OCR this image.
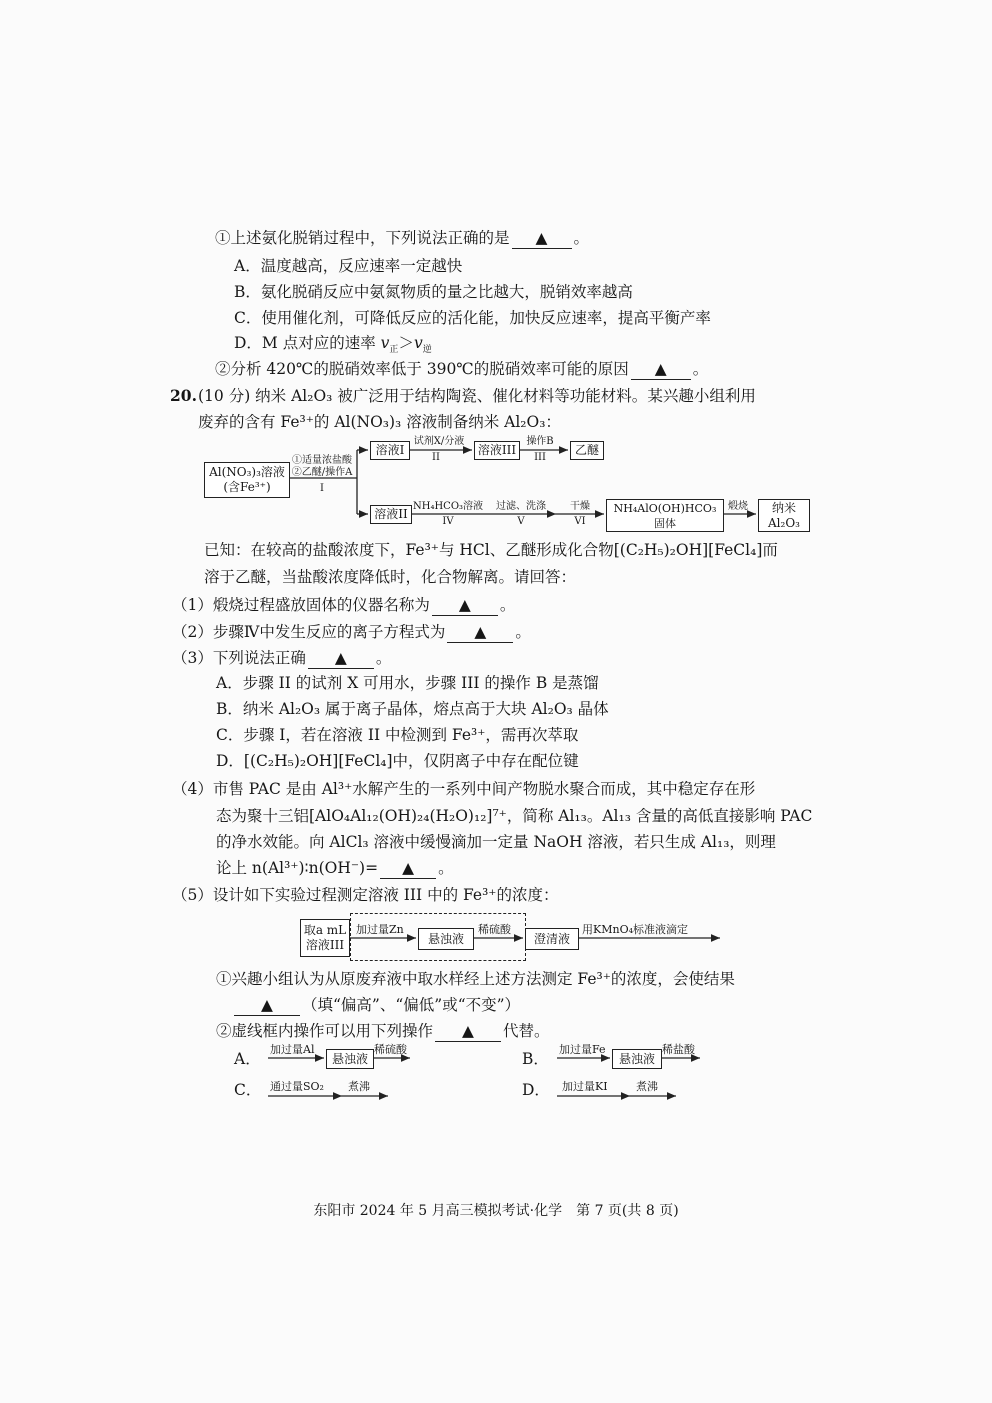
①上述氨化脱销过程中，下列说法正确的是 ▲ 。
A．温度越高，反应速率一定越快
B．氨化脱硝反应中氨氮物质的量之比越大，脱销效率越高
C．使用催化剂，可降低反应的活化能，加快反应速率，提高平衡产率
D．M 点对应的速率 $v_正>v_逆$
②分析 420℃的脱硝效率低于 390℃的脱硝效率可能的原因 ▲ 。
20. (10 分) 纳米 Al₂O₃ 被广泛用于结构陶瓷、催化材料等功能材料。某兴趣小组利用
废弃的含有 Fe³⁺的 Al(NO₃)₃ 溶液制备纳米 Al₂O₃：
Al(NO₃)₃溶液
(含Fe³⁺)
①适量浓盐酸
②乙醚/操作A
I
溶液I
试剂X/分液
II
溶液III
操作B
III
乙醚
溶液II
NH₄HCO₃溶液
IV
过滤、洗涤
V
干燥
VI
NH₄AlO(OH)HCO₃
固体
煅烧	纳米
Al₂O₃
已知：在较高的盐酸浓度下，Fe³⁺与 HCl、乙醚形成化合物[(C₂H₅)₂OH][FeCl₄]而
溶于乙醚，当盐酸浓度降低时，化合物解离。请回答：
（1）煅烧过程盛放固体的仪器名称为 ▲ 。
（2）步骤Ⅳ中发生反应的离子方程式为 ▲ 。
（3）下列说法正确 ▲ 。
A．步骤 II 的试剂 X 可用水，步骤 III 的操作 B 是蒸馏
B．纳米 Al₂O₃ 属于离子晶体，熔点高于大块 Al₂O₃ 晶体
C．步骤 I，若在溶液 II 中检测到 Fe³⁺，需再次萃取
D．[(C₂H₅)₂OH][FeCl₄]中，仅阴离子中存在配位键
（4）市售 PAC 是由 Al³⁺水解产生的一系列中间产物脱水聚合而成，其中稳定存在形
态为聚十三铝[AlO₄Al₁₂(OH)₂₄(H₂O)₁₂]⁷⁺，简称 Al₁₃。Al₁₃ 含量的高低直接影响 PAC
的净水效能。向 AlCl₃ 溶液中缓慢滴加一定量 NaOH 溶液，若只生成 Al₁₃，则理
论上 n(Al³⁺)∶n(OH⁻)= ▲ 。
（5）设计如下实验过程测定溶液 III 中的 Fe³⁺的浓度：
取a mL
溶液III
加过量Zn
悬浊液
稀硫酸
澄清液
用KMnO₄标准液滴定
①兴趣小组认为从原废弃液中取水样经上述方法测定 Fe³⁺的浓度，会使结果
▲ （填“偏高”、“偏低”或“不变”）
②虚线框内操作可以用下列操作 ▲ 代替。
A．
加过量Al
悬浊液
稀硫酸
B．
加过量Fe
悬浊液
稀盐酸
C． 通过量SO₂ 煮沸	D． 加过量KI	煮沸
东阳市 2024 年 5 月高三模拟考试·化学　第 7 页(共 8 页)
